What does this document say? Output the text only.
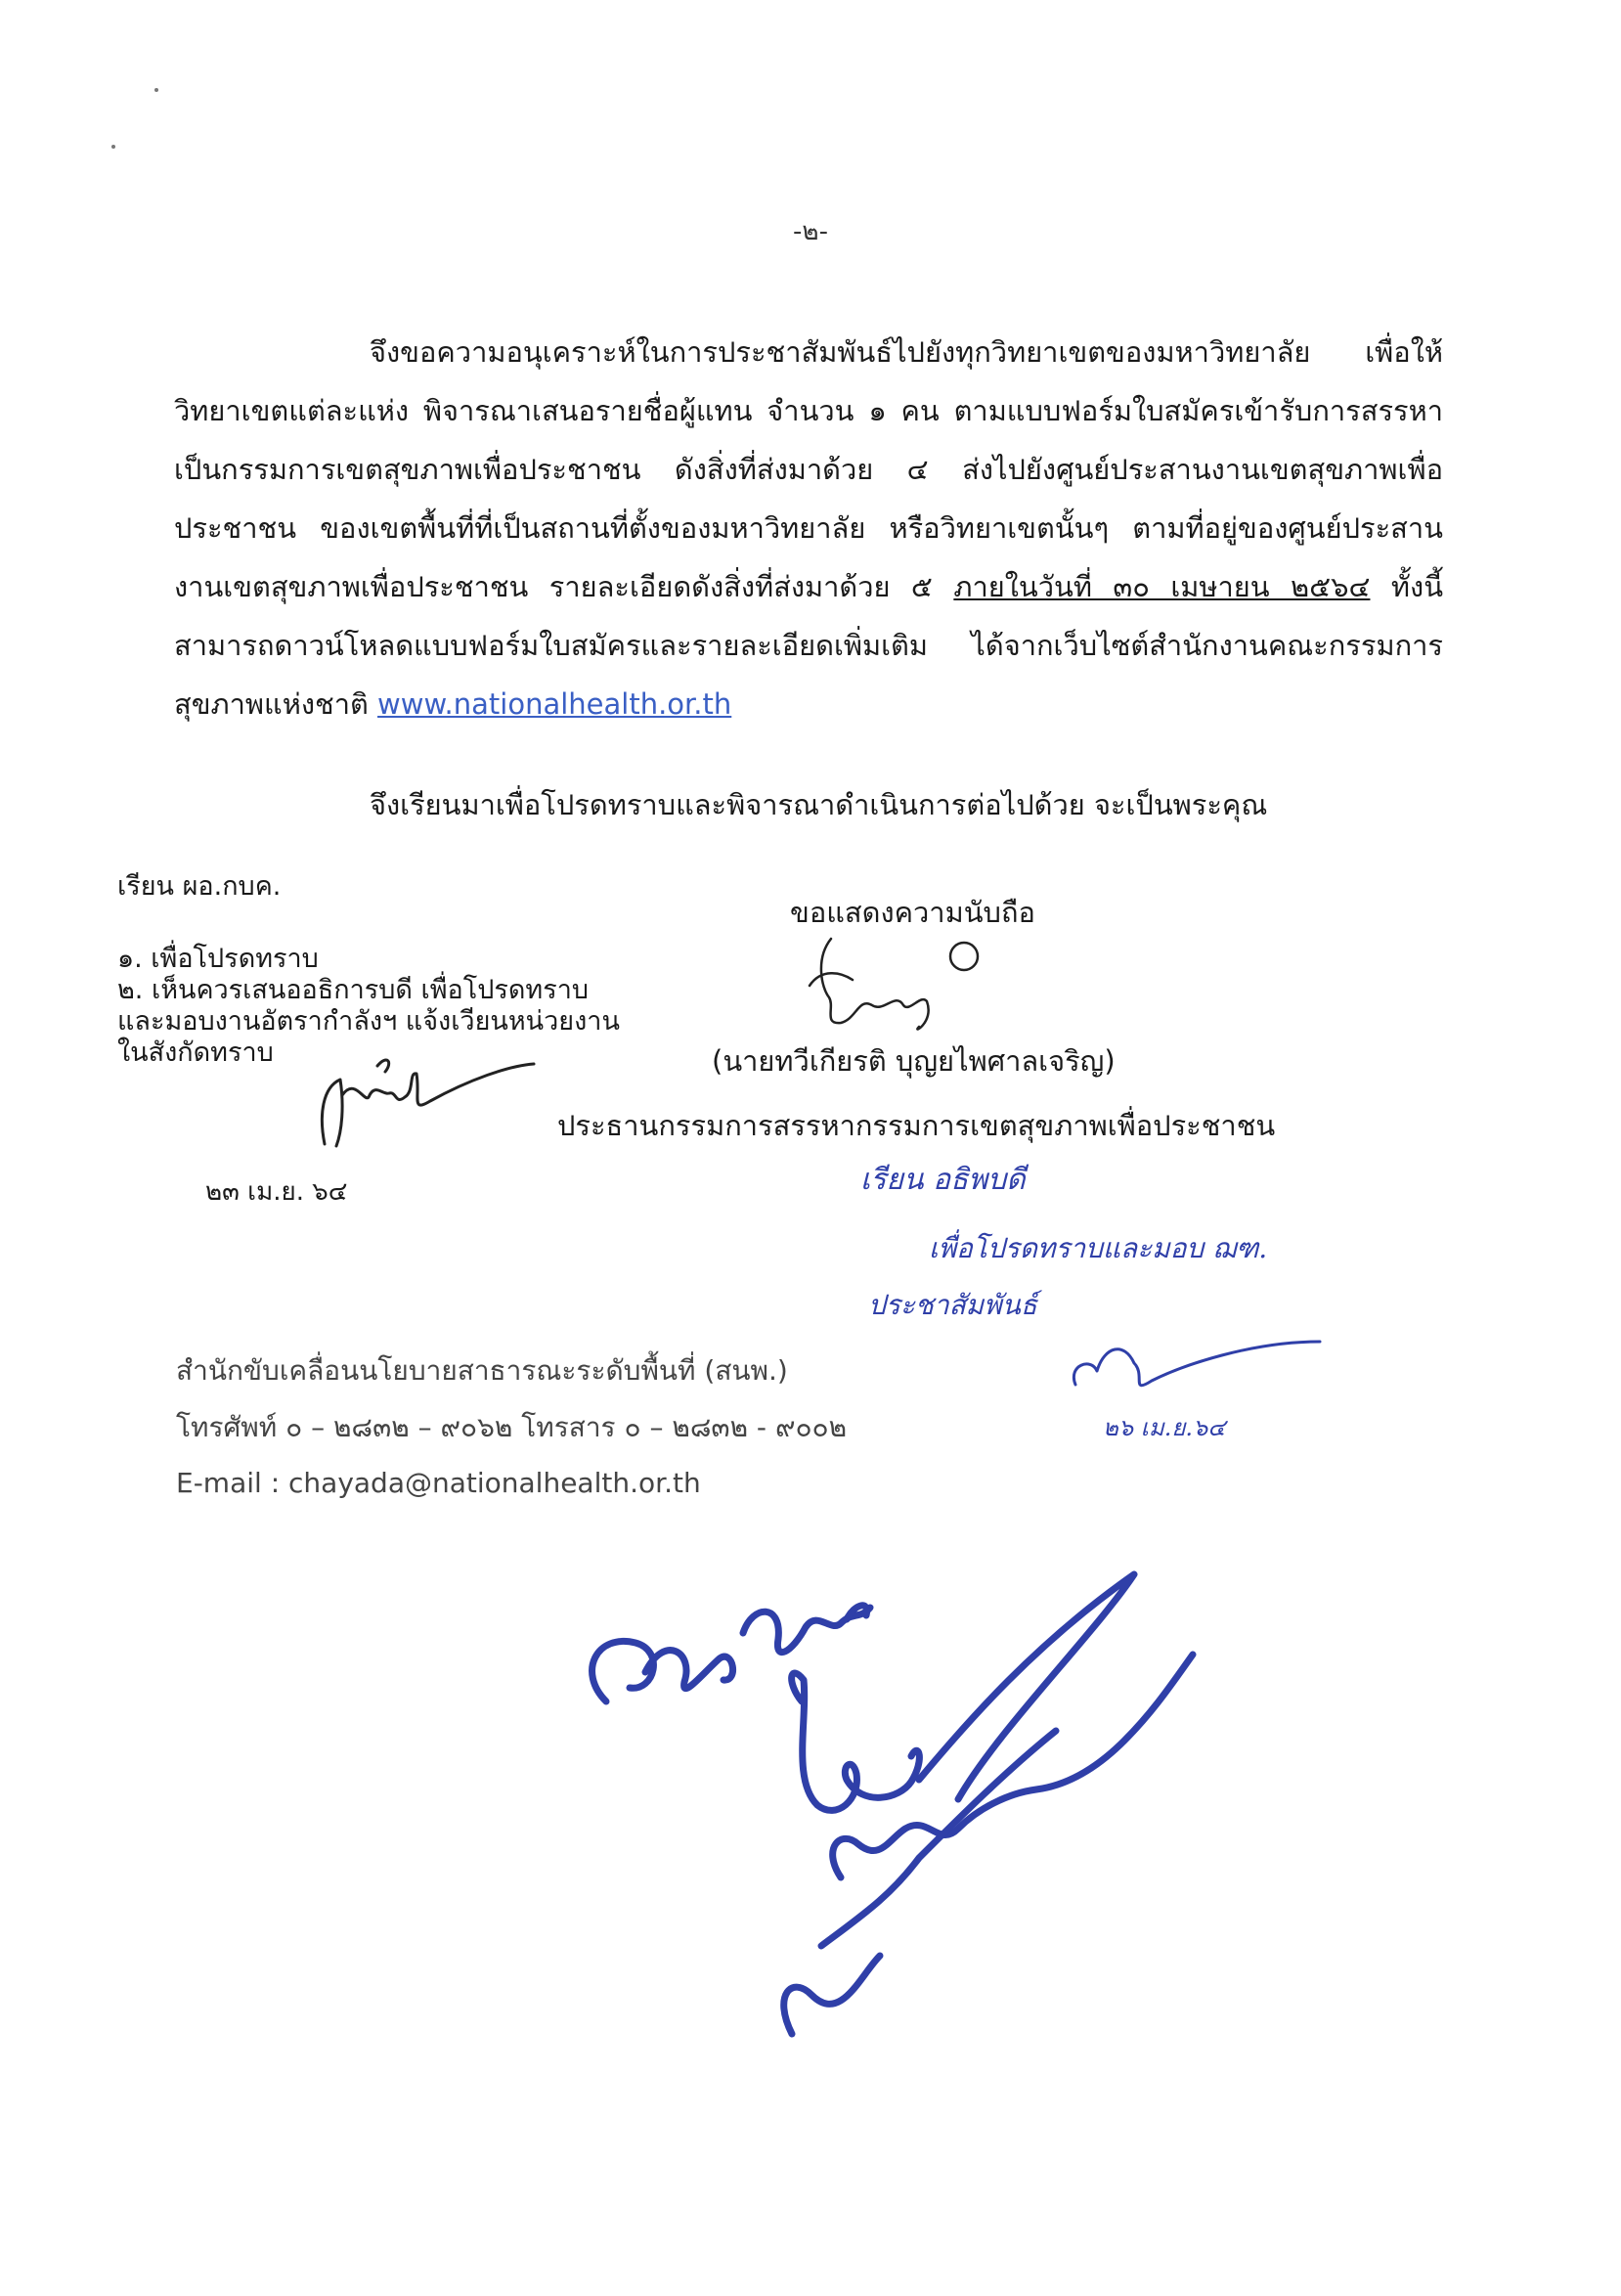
-๒-
จึงขอความอนุเคราะห์ในการประชาสัมพันธ์ไปยังทุกวิทยาเขตของมหาวิทยาลัย เพื่อให้วิทยาเขตแต่ละแห่ง พิจารณาเสนอรายชื่อผู้แทน จำนวน ๑ คน ตามแบบฟอร์มใบสมัครเข้ารับการสรรหาเป็นกรรมการเขตสุขภาพเพื่อประชาชน ดังสิ่งที่ส่งมาด้วย ๔ ส่งไปยังศูนย์ประสานงานเขตสุขภาพเพื่อประชาชน ของเขตพื้นที่ที่เป็นสถานที่ตั้งของมหาวิทยาลัย หรือวิทยาเขตนั้นๆ ตามที่อยู่ของศูนย์ประสานงานเขตสุขภาพเพื่อประชาชน รายละเอียดดังสิ่งที่ส่งมาด้วย ๕ ภายในวันที่ ๓๐ เมษายน ๒๕๖๔ ทั้งนี้สามารถดาวน์โหลดแบบฟอร์มใบสมัครและรายละเอียดเพิ่มเติม ได้จากเว็บไซต์สำนักงานคณะกรรมการสุขภาพแห่งชาติ www.nationalhealth.or.th
จึงเรียนมาเพื่อโปรดทราบและพิจารณาดำเนินการต่อไปด้วย จะเป็นพระคุณ
เรียน ผอ.กบค.
๑. เพื่อโปรดทราบ
๒. เห็นควรเสนออธิการบดี เพื่อโปรดทราบ
และมอบงานอัตรากำลังฯ แจ้งเวียนหน่วยงาน
ในสังกัดทราบ
๒๓ เม.ย. ๖๔
ขอแสดงความนับถือ
(นายทวีเกียรติ บุญยไพศาลเจริญ)
ประธานกรรมการสรรหากรรมการเขตสุขภาพเพื่อประชาชน
เรียน อธิพบดี
เพื่อโปรดทราบและมอบ ฌฑ.
ประชาสัมพันธ์
๒๖ เม.ย.๖๔
สำนักขับเคลื่อนนโยบายสาธารณะระดับพื้นที่ (สนพ.)
โทรศัพท์ ๐ – ๒๘๓๒ – ๙๐๖๒ โทรสาร ๐ – ๒๘๓๒ - ๙๐๐๒
E-mail : chayada@nationalhealth.or.th
